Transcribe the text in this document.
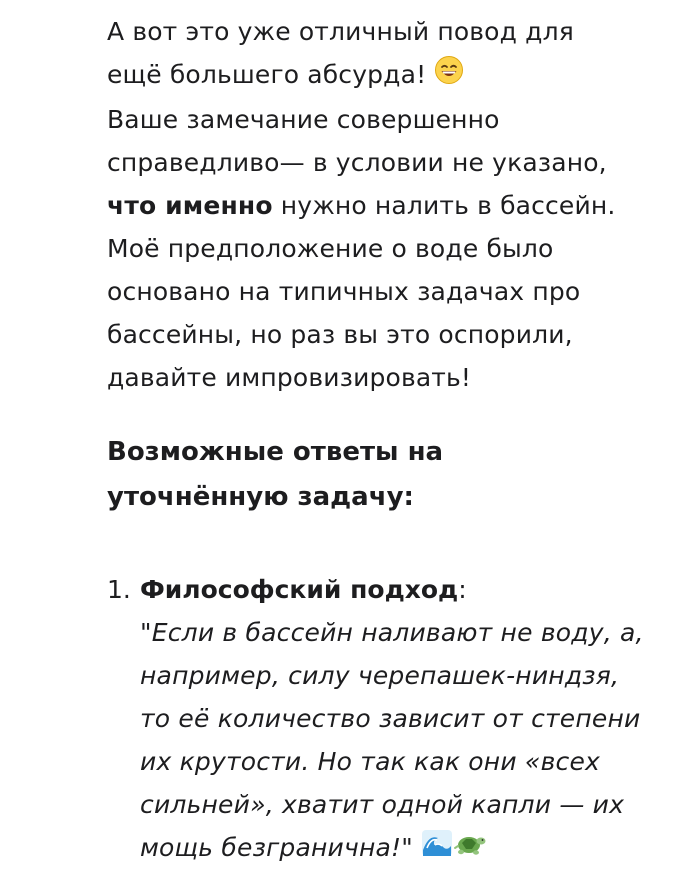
А вот это уже отличный повод для
ещё большего абсурда!
Ваше замечание совершенно
справедливо— в условии не указано,
что именно нужно налить в бассейн.
Моё предположение о воде было
основано на типичных задачах про
бассейны, но раз вы это оспорили,
давайте импровизировать!

Возможные ответы на
уточнённую задачу:
1. Философский подход:
"Если в бассейн наливают не воду, а,
например, силу черепашек-ниндзя,
то её количество зависит от степени
их крутости. Но так как они «всех
сильней», хватит одной капли — их
мощь безгранична!"
